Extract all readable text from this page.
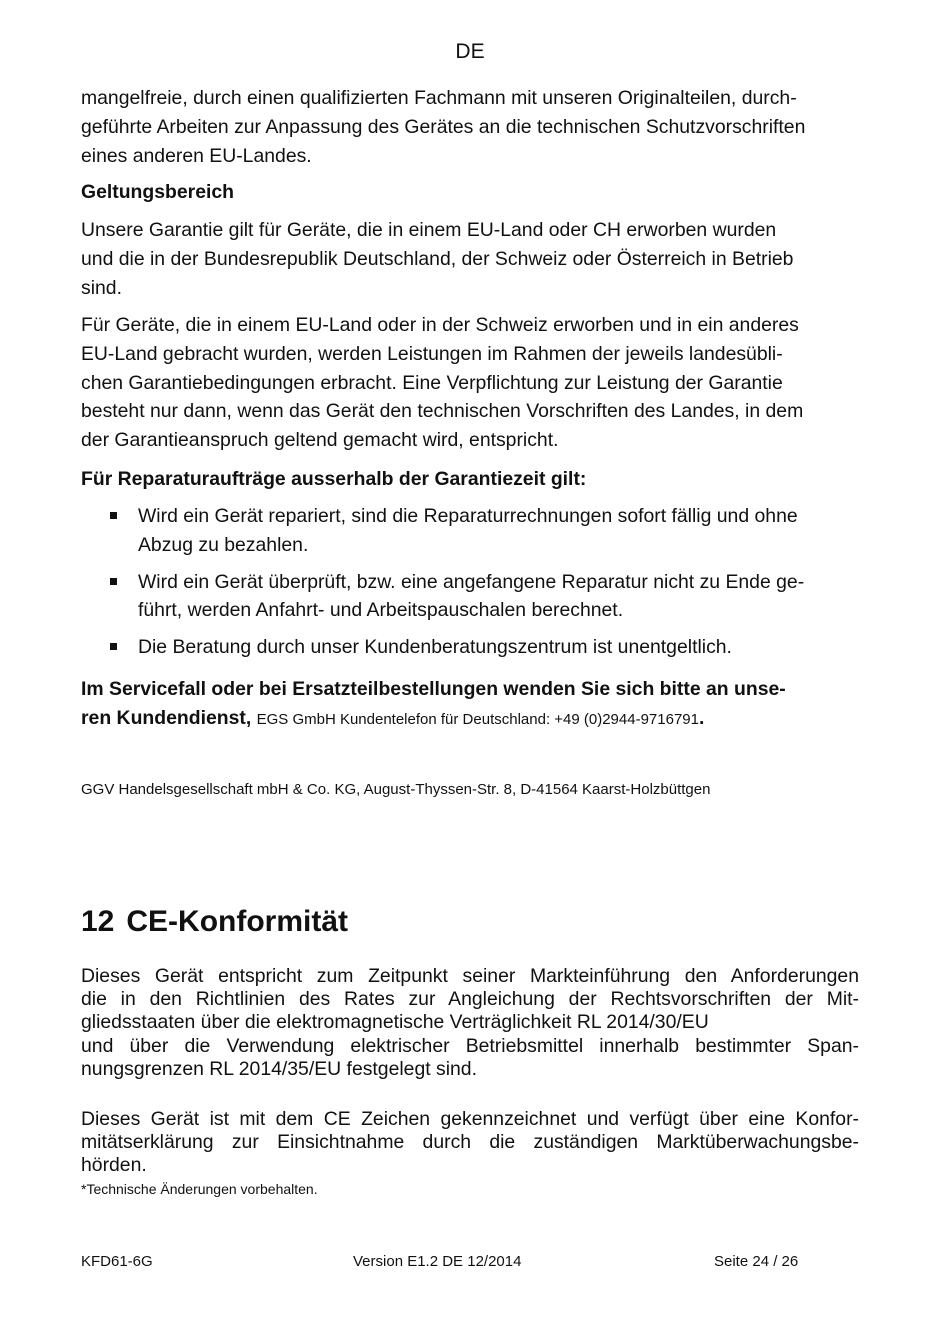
DE

mangelfreie, durch einen qualifizierten Fachmann mit unseren Originalteilen, durch-
geführte Arbeiten zur Anpassung des Gerätes an die technischen Schutzvorschriften
eines anderen EU-Landes.

Geltungsbereich

Unsere Garantie gilt für Geräte, die in einem EU-Land oder CH erworben wurden
und die in der Bundesrepublik Deutschland, der Schweiz oder Österreich in Betrieb
sind.

Für Geräte, die in einem EU-Land oder in der Schweiz erworben und in ein anderes
EU-Land gebracht wurden, werden Leistungen im Rahmen der jeweils landesübli-
chen Garantiebedingungen erbracht. Eine Verpflichtung zur Leistung der Garantie
besteht nur dann, wenn das Gerät den technischen Vorschriften des Landes, in dem
der Garantieanspruch geltend gemacht wird, entspricht.

Für Reparaturaufträge ausserhalb der Garantiezeit gilt:
Wird ein Gerät repariert, sind die Reparaturrechnungen sofort fällig und ohne
Abzug zu bezahlen.
Wird ein Gerät überprüft, bzw. eine angefangene Reparatur nicht zu Ende ge-
führt, werden Anfahrt- und Arbeitspauschalen berechnet.
Die Beratung durch unser Kundenberatungszentrum ist unentgeltlich.

Im Servicefall oder bei Ersatzteilbestellungen wenden Sie sich bitte an unse-
ren Kundendienst, EGS GmbH Kundentelefon für Deutschland: +49 (0)2944-9716791.

GGV Handelsgesellschaft mbH & Co. KG, August-Thyssen-Str. 8, D-41564 Kaarst-Holzbüttgen
12 CE-Konformität

Dieses Gerät entspricht zum Zeitpunkt seiner Markteinführung den Anforderungen
die in den Richtlinien des Rates zur Angleichung der Rechtsvorschriften der Mit-
gliedsstaaten über die elektromagnetische Verträglichkeit RL 2014/30/EU
und über die Verwendung elektrischer Betriebsmittel innerhalb bestimmter Span-
nungsgrenzen RL 2014/35/EU festgelegt sind.

Dieses Gerät ist mit dem CE Zeichen gekennzeichnet und verfügt über eine Konfor-
mitätserklärung zur Einsichtnahme durch die zuständigen Marktüberwachungsbe-
hörden.

*Technische Änderungen vorbehalten.
KFD61-6G	Version E1.2 DE 12/2014	Seite 24 / 26
